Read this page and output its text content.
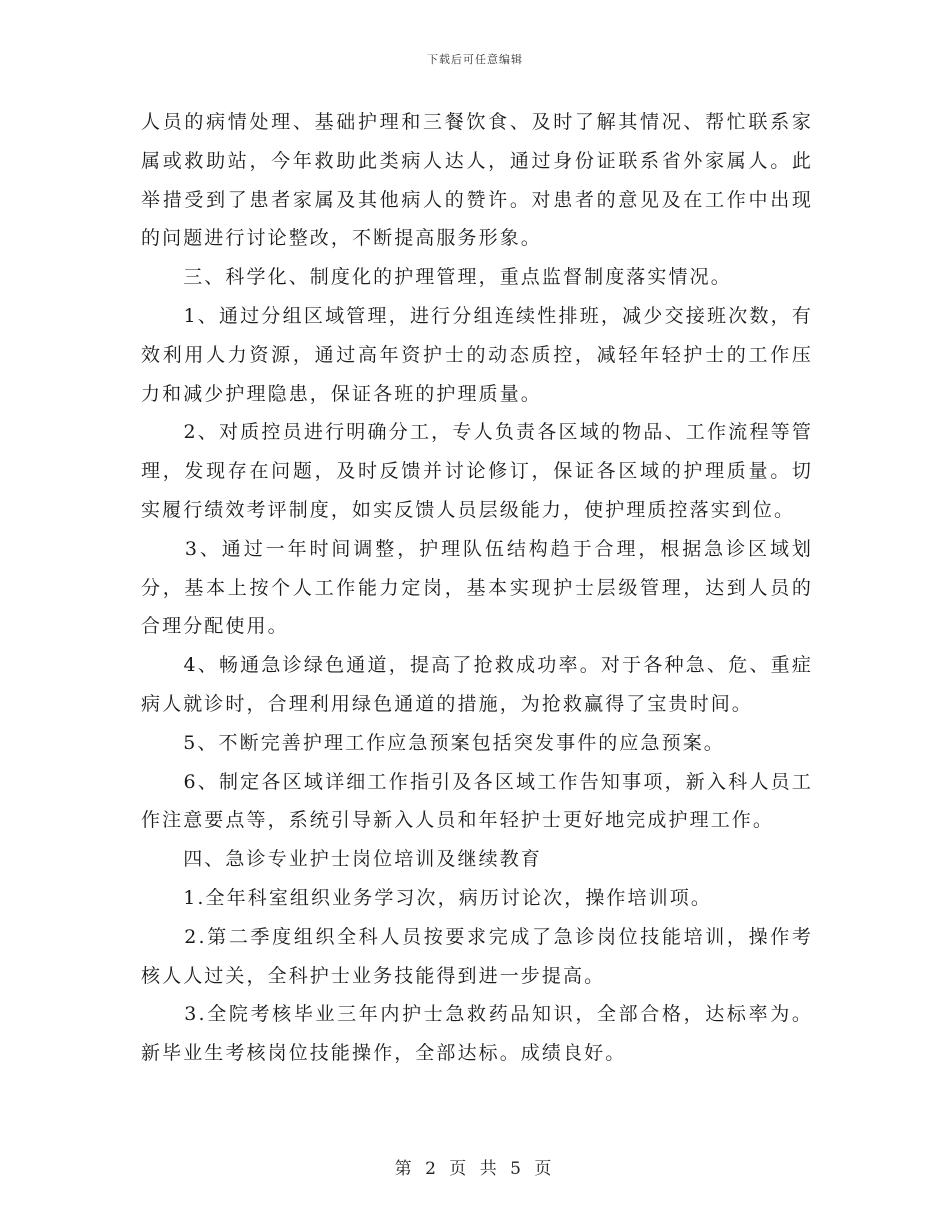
下载后可任意编辑

人员的病情处理、基础护理和三餐饮食、及时了解其情况、帮忙联系家属或救助站，今年救助此类病人达人，通过身份证联系省外家属人。此举措受到了患者家属及其他病人的赞许。对患者的意见及在工作中出现的问题进行讨论整改，不断提高服务形象。

　　三、科学化、制度化的护理管理，重点监督制度落实情况。

　　1、通过分组区域管理，进行分组连续性排班，减少交接班次数，有效利用人力资源，通过高年资护士的动态质控，减轻年轻护士的工作压力和减少护理隐患，保证各班的护理质量。

　　2、对质控员进行明确分工，专人负责各区域的物品、工作流程等管理，发现存在问题，及时反馈并讨论修订，保证各区域的护理质量。切实履行绩效考评制度，如实反馈人员层级能力，使护理质控落实到位。

　　3、通过一年时间调整，护理队伍结构趋于合理，根据急诊区域划分，基本上按个人工作能力定岗，基本实现护士层级管理，达到人员的合理分配使用。

　　4、畅通急诊绿色通道，提高了抢救成功率。对于各种急、危、重症病人就诊时，合理利用绿色通道的措施，为抢救赢得了宝贵时间。

　　5、不断完善护理工作应急预案包括突发事件的应急预案。

　　6、制定各区域详细工作指引及各区域工作告知事项，新入科人员工作注意要点等，系统引导新入人员和年轻护士更好地完成护理工作。

　　四、急诊专业护士岗位培训及继续教育

　　1.全年科室组织业务学习次，病历讨论次，操作培训项。

　　2.第二季度组织全科人员按要求完成了急诊岗位技能培训，操作考核人人过关，全科护士业务技能得到进一步提高。

　　3.全院考核毕业三年内护士急救药品知识，全部合格，达标率为。新毕业生考核岗位技能操作，全部达标。成绩良好。

第 2 页 共 5 页
